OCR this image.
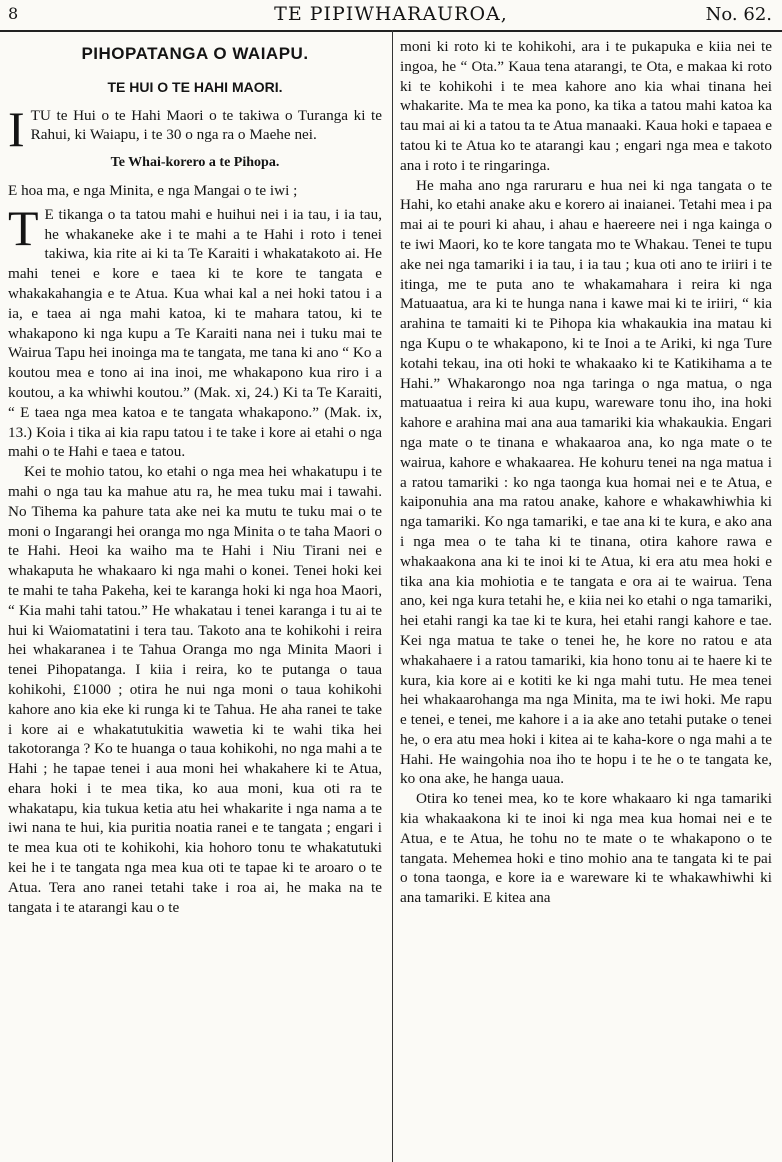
8	TE PIPIWHARAUROA,	No. 62.
PIHOPATANGA O WAIAPU.
TE HUI O TE HAHI MAORI.

ITU te Hui o te Hahi Maori o te takiwa o Turanga ki te Rahui, ki Waiapu, i te 30 o nga ra o Maehe nei.

Te Whai-korero a te Pihopa.

E hoa ma, e nga Minita, e nga Mangai o te iwi ;

T E tikanga o ta tatou mahi e huihui nei i ia tau, i ia tau, he whakaneke ake i te mahi a te Hahi i roto i tenei takiwa, kia rite ai ki ta Te Karaiti i whakatakoto ai. He mahi tenei e kore e taea ki te kore te tangata e whakakahangia e te Atua. Kua whai kal a nei hoki tatou i a ia, e taea ai nga mahi katoa, ki te mahara tatou, ki te whakapono ki nga kupu a Te Karaiti nana nei i tuku mai te Wairua Tapu hei inoinga ma te tangata, me tana ki ano “ Ko a koutou mea e tono ai ina inoi, me whakapono kua riro i a koutou, a ka whiwhi koutou.” (Mak. xi, 24.) Ki ta Te Karaiti, “ E taea nga mea katoa e te tangata whakapono.” (Mak. ix, 13.) Koia i tika ai kia rapu tatou i te take i kore ai etahi o nga mahi o te Hahi e taea e tatou.

Kei te mohio tatou, ko etahi o nga mea hei whakatupu i te mahi o nga tau ka mahue atu ra, he mea tuku mai i tawahi. No Tihema ka pahure tata ake nei ka mutu te tuku mai o te moni o Ingarangi hei oranga mo nga Minita o te taha Maori o te Hahi. Heoi ka waiho ma te Hahi i Niu Tirani nei e whakaputa he whakaaro ki nga mahi o konei. Tenei hoki kei te mahi te taha Pakeha, kei te karanga hoki ki nga hoa Maori, “ Kia mahi tahi tatou.” He whakatau i tenei karanga i tu ai te hui ki Waiomatatini i tera tau. Takoto ana te kohikohi i reira hei whakaranea i te Tahua Oranga mo nga Minita Maori i tenei Pihopatanga. I kiia i reira, ko te putanga o taua kohikohi, £1000 ; otira he nui nga moni o taua kohikohi kahore ano kia eke ki runga ki te Tahua. He aha ranei te take i kore ai e whakatutukitia wawetia ki te wahi tika hei takotoranga ? Ko te huanga o taua kohikohi, no nga mahi a te Hahi ; he tapae tenei i aua moni hei whakahere ki te Atua, ehara hoki i te mea tika, ko aua moni, kua oti ra te whakatapu, kia tukua ketia atu hei whakarite i nga nama a te iwi nana te hui, kia puritia noatia ranei e te tangata ; engari i te mea kua oti te kohikohi, kia hohoro tonu te whakatutuki kei he i te tangata nga mea kua oti te tapae ki te aroaro o te Atua. Tera ano ranei tetahi take i roa ai, he maka na te tangata i te atarangi kau o te

moni ki roto ki te kohikohi, ara i te pukapuka e kiia nei te ingoa, he “ Ota.” Kaua tena atarangi, te Ota, e makaa ki roto ki te kohikohi i te mea kahore ano kia whai tinana hei whakarite. Ma te mea ka pono, ka tika a tatou mahi katoa ka tau mai ai ki a tatou ta te Atua manaaki. Kaua hoki e tapaea e tatou ki te Atua ko te atarangi kau ; engari nga mea e takoto ana i roto i te ringaringa.

He maha ano nga raruraru e hua nei ki nga tangata o te Hahi, ko etahi anake aku e korero ai inaianei. Tetahi mea i pa mai ai te pouri ki ahau, i ahau e haereere nei i nga kainga o te iwi Maori, ko te kore tangata mo te Whakau. Tenei te tupu ake nei nga tamariki i ia tau, i ia tau ; kua oti ano te iriiri i te itinga, me te puta ano te whakamahara i reira ki nga Matuaatua, ara ki te hunga nana i kawe mai ki te iriiri, “ kia arahina te tamaiti ki te Pihopa kia whakaukia ina matau ki nga Kupu o te whakapono, ki te Inoi a te Ariki, ki nga Ture kotahi tekau, ina oti hoki te whakaako ki te Katikihama a te Hahi.” Whakarongo noa nga taringa o nga matua, o nga matuaatua i reira ki aua kupu, wareware tonu iho, ina hoki kahore e arahina mai ana aua tamariki kia whakaukia. Engari nga mate o te tinana e whakaaroa ana, ko nga mate o te wairua, kahore e whakaarea. He kohuru tenei na nga matua i a ratou tamariki : ko nga taonga kua homai nei e te Atua, e kaiponuhia ana ma ratou anake, kahore e whakawhiwhia ki nga tamariki. Ko nga tamariki, e tae ana ki te kura, e ako ana i nga mea o te taha ki te tinana, otira kahore rawa e whakaakona ana ki te inoi ki te Atua, ki era atu mea hoki e tika ana kia mohiotia e te tangata e ora ai te wairua. Tena ano, kei nga kura tetahi he, e kiia nei ko etahi o nga tamariki, hei etahi rangi ka tae ki te kura, hei etahi rangi kahore e tae. Kei nga matua te take o tenei he, he kore no ratou e ata whakahaere i a ratou tamariki, kia hono tonu ai te haere ki te kura, kia kore ai e kotiti ke ki nga mahi tutu. He mea tenei hei whakaarohanga ma nga Minita, ma te iwi hoki. Me rapu e tenei, e tenei, me kahore i a ia ake ano tetahi putake o tenei he, o era atu mea hoki i kitea ai te kaha-kore o nga mahi a te Hahi. He waingohia noa iho te hopu i te he o te tangata ke, ko ona ake, he hanga uaua.

Otira ko tenei mea, ko te kore whakaaro ki nga tamariki kia whakaakona ki te inoi ki nga mea kua homai nei e te Atua, e te Atua, he tohu no te mate o te whakapono o te tangata. Mehemea hoki e tino mohio ana te tangata ki te pai o tona taonga, e kore ia e wareware ki te whakawhiwhi ki ana tamariki. E kitea ana
